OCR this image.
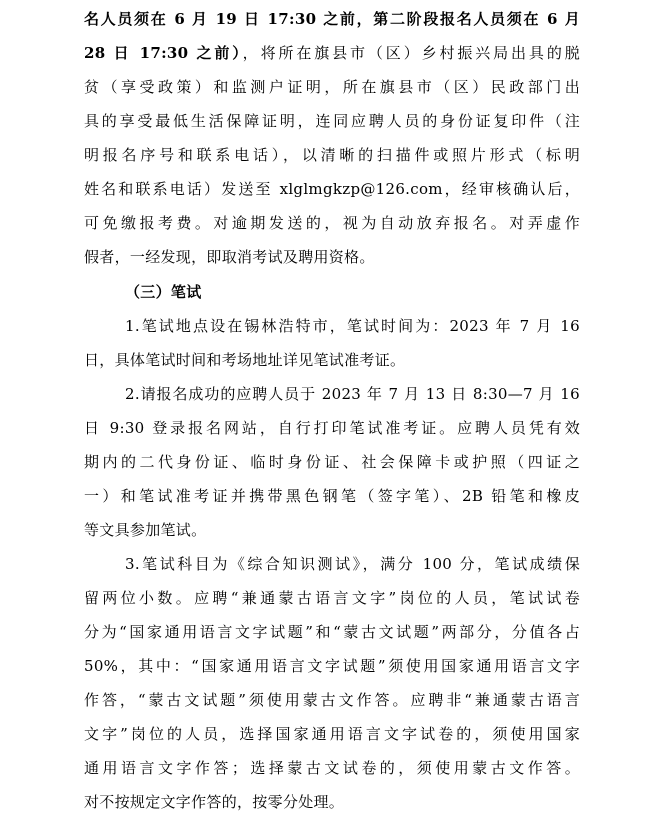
名人员须在 6 月 19 日 17:30 之前，第二阶段报名人员须在 6 月
28 日 17:30 之前），将所在旗县市（区）乡村振兴局出具的脱
贫（享受政策）和监测户证明，所在旗县市（区）民政部门出
具的享受最低生活保障证明，连同应聘人员的身份证复印件（注
明报名序号和联系电话），以清晰的扫描件或照片形式（标明
姓名和联系电话）发送至 xlglmgkzp@126.com，经审核确认后，
可免缴报考费。对逾期发送的，视为自动放弃报名。对弄虚作
假者，一经发现，即取消考试及聘用资格。
（三）笔试
1.笔试地点设在锡林浩特市，笔试时间为：2023 年 7 月 16
日，具体笔试时间和考场地址详见笔试准考证。
2.请报名成功的应聘人员于 2023 年 7 月 13 日 8:30—7 月 16
日 9:30 登录报名网站，自行打印笔试准考证。应聘人员凭有效
期内的二代身份证、临时身份证、社会保障卡或护照（四证之
一）和笔试准考证并携带黑色钢笔（签字笔）、2B 铅笔和橡皮
等文具参加笔试。
3.笔试科目为《综合知识测试》，满分 100 分，笔试成绩保
留两位小数。应聘“兼通蒙古语言文字”岗位的人员，笔试试卷
分为“国家通用语言文字试题”和“蒙古文试题”两部分，分值各占
50%，其中：“国家通用语言文字试题”须使用国家通用语言文字
作答，“蒙古文试题”须使用蒙古文作答。应聘非“兼通蒙古语言
文字”岗位的人员，选择国家通用语言文字试卷的，须使用国家
通用语言文字作答；选择蒙古文试卷的，须使用蒙古文作答。
对不按规定文字作答的，按零分处理。
